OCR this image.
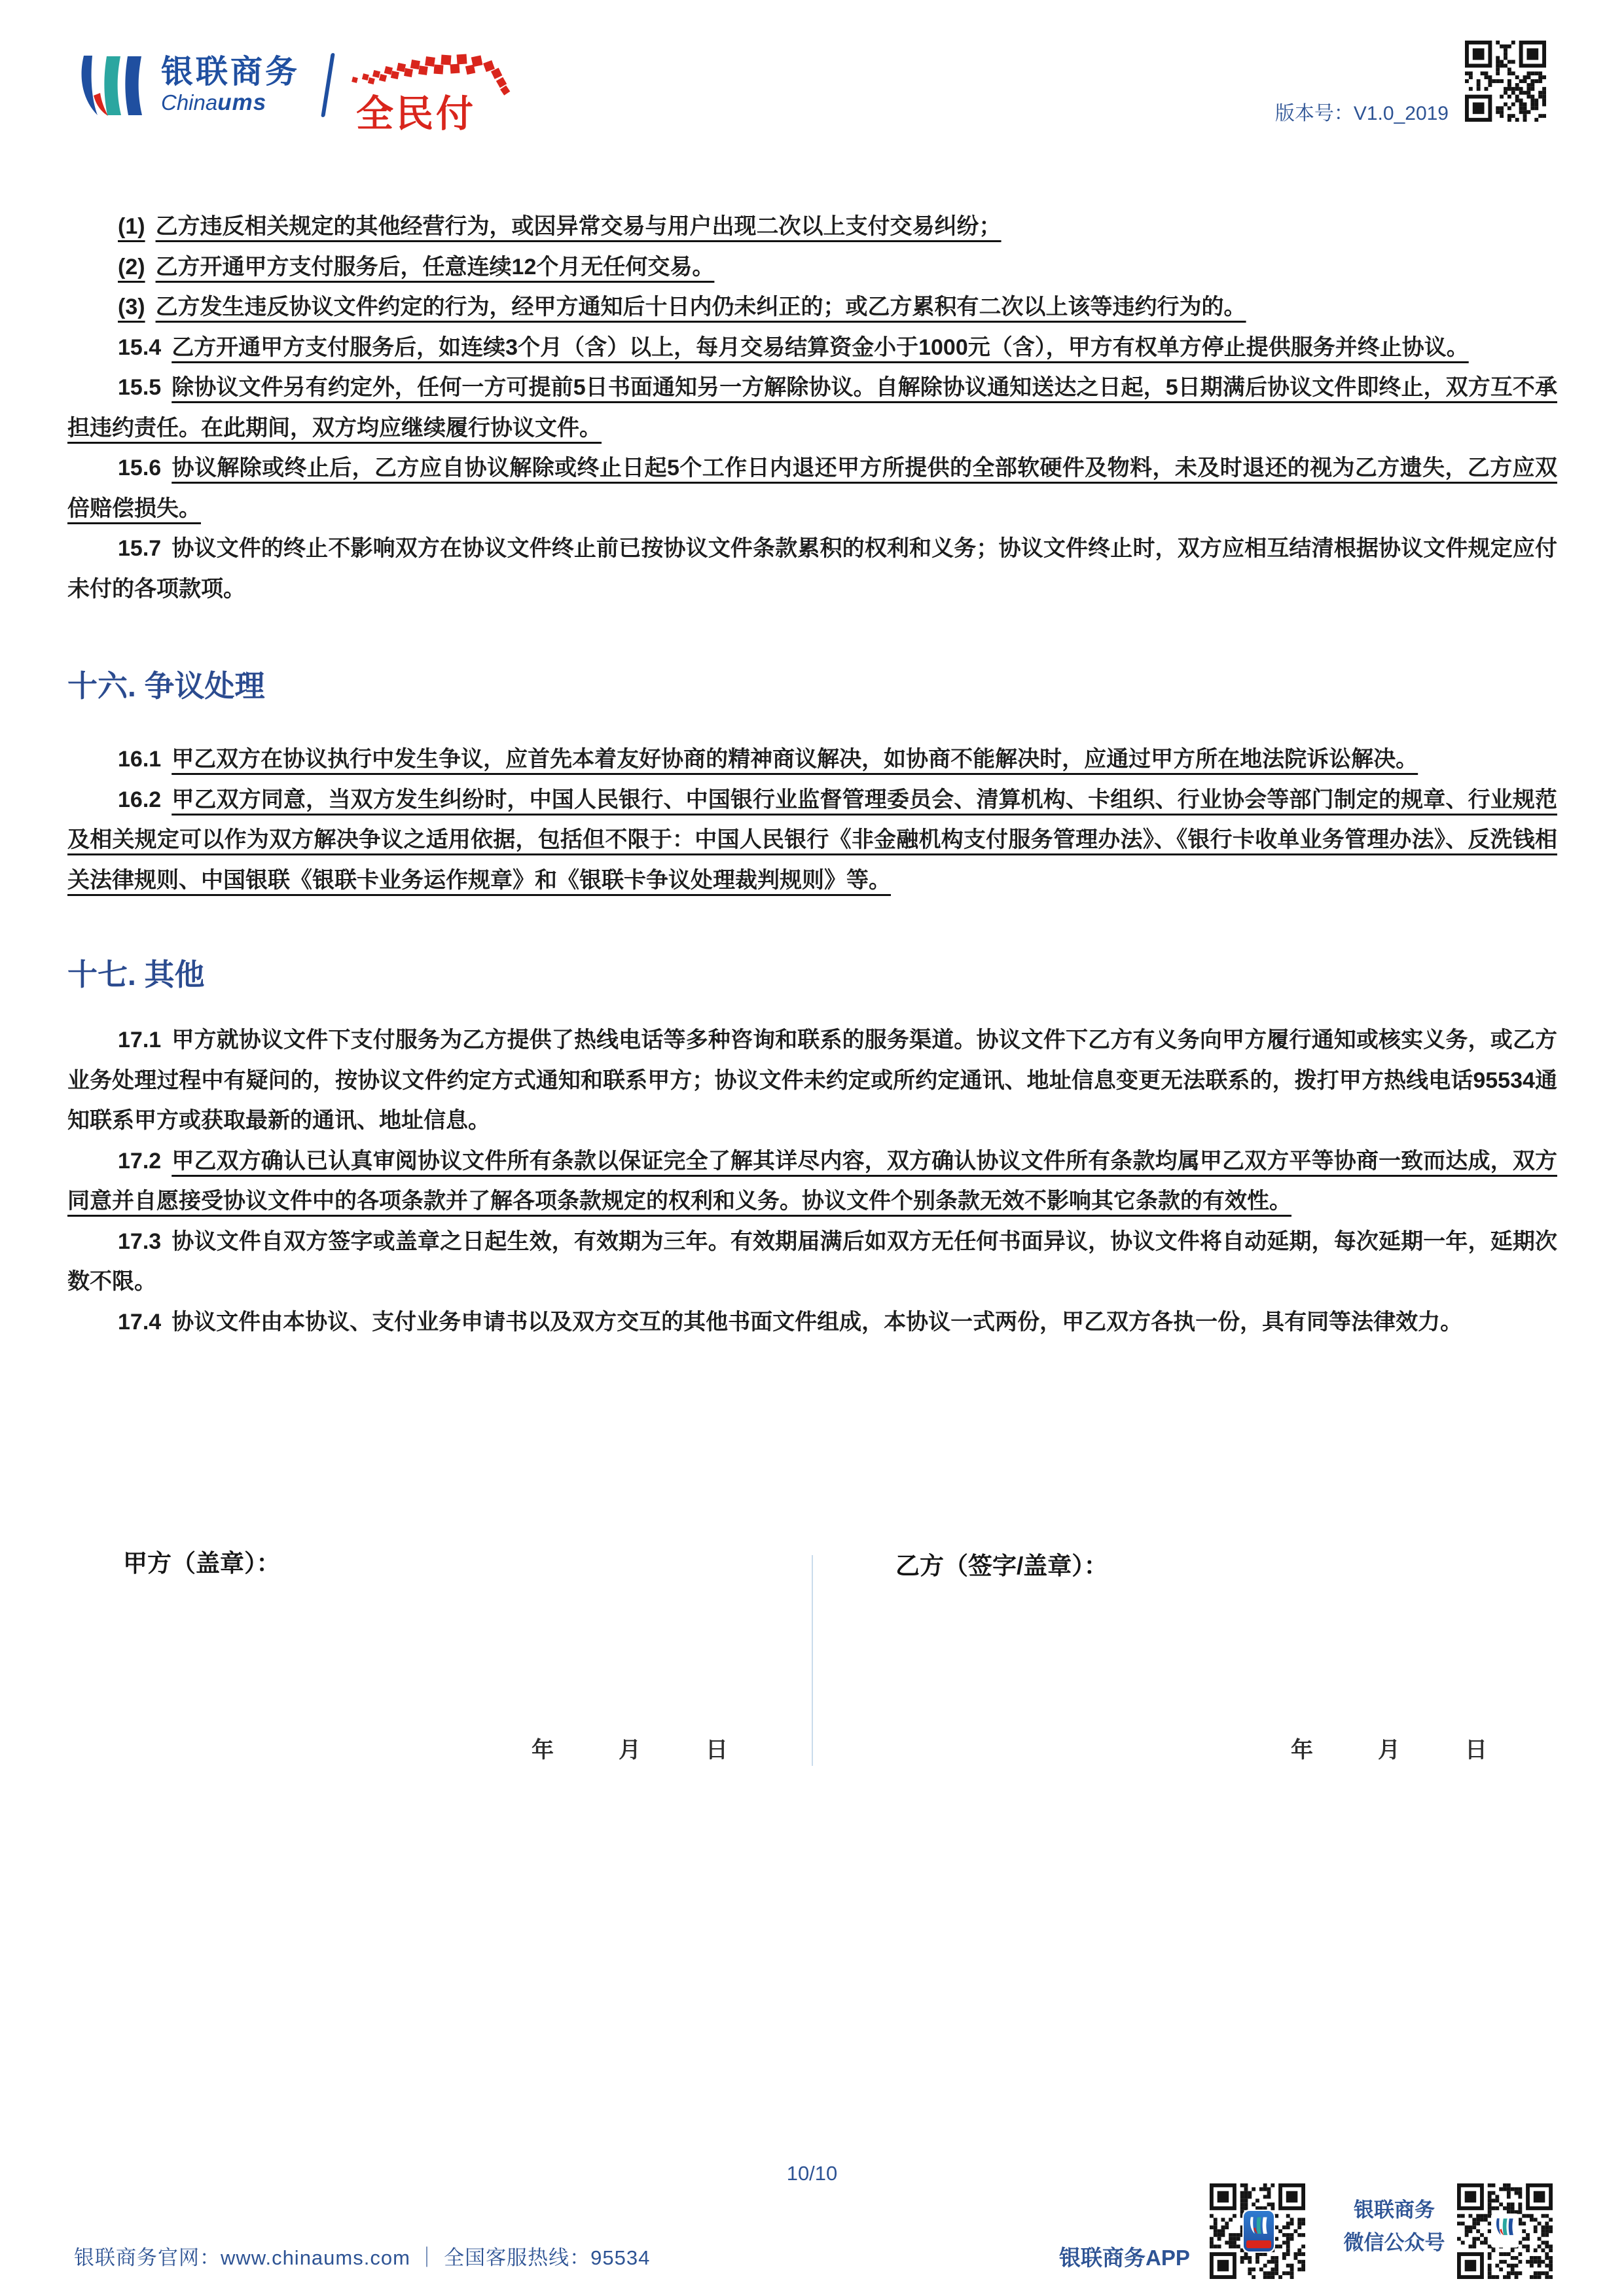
银联商务
Chinaums	全民付	版本号：V1.0_2019

(1) 乙方违反相关规定的其他经营行为，或因异常交易与用户出现二次以上支付交易纠纷；

(2) 乙方开通甲方支付服务后，任意连续12个月无任何交易。

(3) 乙方发生违反协议文件约定的行为，经甲方通知后十日内仍未纠正的；或乙方累积有二次以上该等违约行为的。

15.4 乙方开通甲方支付服务后，如连续3个月（含）以上，每月交易结算资金小于1000元（含），甲方有权单方停止提供服务并终止协议。

15.5 除协议文件另有约定外，任何一方可提前5日书面通知另一方解除协议。自解除协议通知送达之日起，5日期满后协议文件即终止，双方互不承担违约责任。在此期间，双方均应继续履行协议文件。

15.6 协议解除或终止后，乙方应自协议解除或终止日起5个工作日内退还甲方所提供的全部软硬件及物料，未及时退还的视为乙方遗失，乙方应双倍赔偿损失。

15.7 协议文件的终止不影响双方在协议文件终止前已按协议文件条款累积的权利和义务；协议文件终止时，双方应相互结清根据协议文件规定应付未付的各项款项。

十六. 争议处理

16.1 甲乙双方在协议执行中发生争议，应首先本着友好协商的精神商议解决，如协商不能解决时，应通过甲方所在地法院诉讼解决。

16.2 甲乙双方同意，当双方发生纠纷时，中国人民银行、中国银行业监督管理委员会、清算机构、卡组织、行业协会等部门制定的规章、行业规范及相关规定可以作为双方解决争议之适用依据，包括但不限于：中国人民银行《非金融机构支付服务管理办法》、《银行卡收单业务管理办法》、反洗钱相关法律规则、中国银联《银联卡业务运作规章》和《银联卡争议处理裁判规则》等。

十七. 其他

17.1 甲方就协议文件下支付服务为乙方提供了热线电话等多种咨询和联系的服务渠道。协议文件下乙方有义务向甲方履行通知或核实义务，或乙方业务处理过程中有疑问的，按协议文件约定方式通知和联系甲方；协议文件未约定或所约定通讯、地址信息变更无法联系的，拨打甲方热线电话95534通知联系甲方或获取最新的通讯、地址信息。

17.2 甲乙双方确认已认真审阅协议文件所有条款以保证完全了解其详尽内容，双方确认协议文件所有条款均属甲乙双方平等协商一致而达成，双方同意并自愿接受协议文件中的各项条款并了解各项条款规定的权利和义务。协议文件个别条款无效不影响其它条款的有效性。

17.3 协议文件自双方签字或盖章之日起生效，有效期为三年。有效期届满后如双方无任何书面异议，协议文件将自动延期，每次延期一年，延期次数不限。

17.4 协议文件由本协议、支付业务申请书以及双方交互的其他书面文件组成，本协议一式两份，甲乙双方各执一份，具有同等法律效力。

甲方（盖章）：	乙方（签字/盖章）：
年	月	日	年	月	日
10/10
银联商务官网：www.chinaums.com ｜ 全国客服热线：95534	银联商务APP
银联商务
微信公众号
